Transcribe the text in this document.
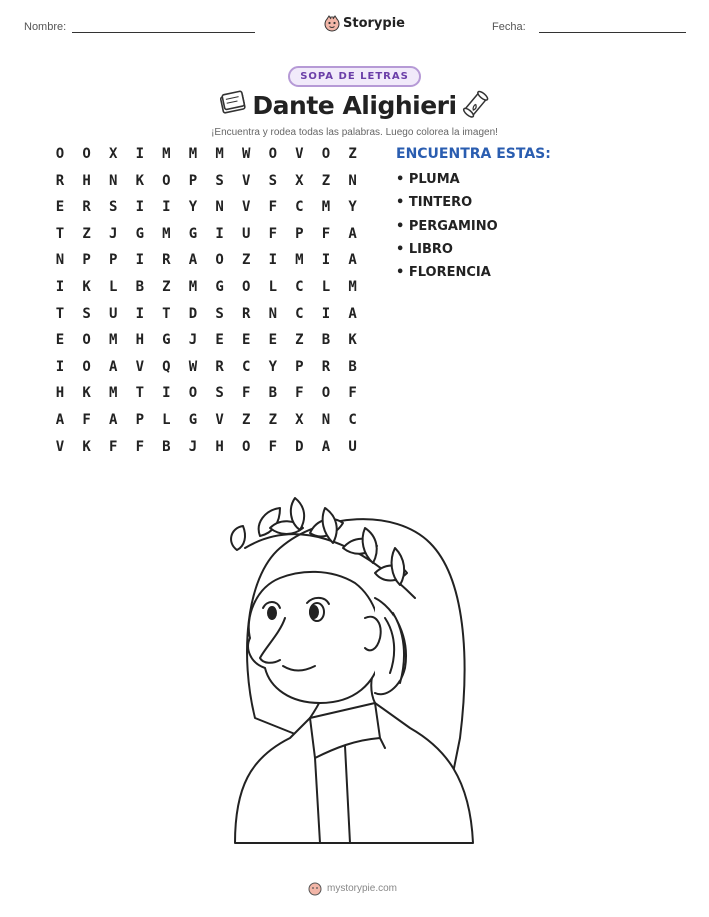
Nombre:	Storypie	Fecha:
SOPA DE LETRAS
Dante Alighieri
¡Encuentra y rodea todas las palabras. Luego colorea la imagen!
O	O	X	I	M	M	M	W	O	V	O	Z
R	H	N	K	O	P	S	V	S	X	Z	N
E	R	S	I	I	Y	N	V	F	C	M	Y
T	Z	J	G	M	G	I	U	F	P	F	A
N	P	P	I	R	A	O	Z	I	M	I	A
I	K	L	B	Z	M	G	O	L	C	L	M
T	S	U	I	T	D	S	R	N	C	I	A
E	O	M	H	G	J	E	E	E	Z	B	K
I	O	A	V	Q	W	R	C	Y	P	R	B
H	K	M	T	I	O	S	F	B	F	O	F
A	F	A	P	L	G	V	Z	Z	X	N	C
V	K	F	F	B	J	H	O	F	D	A	U
ENCUENTRA ESTAS:
• PLUMA
• TINTERO
• PERGAMINO
• LIBRO
• FLORENCIA
mystorypie.com
